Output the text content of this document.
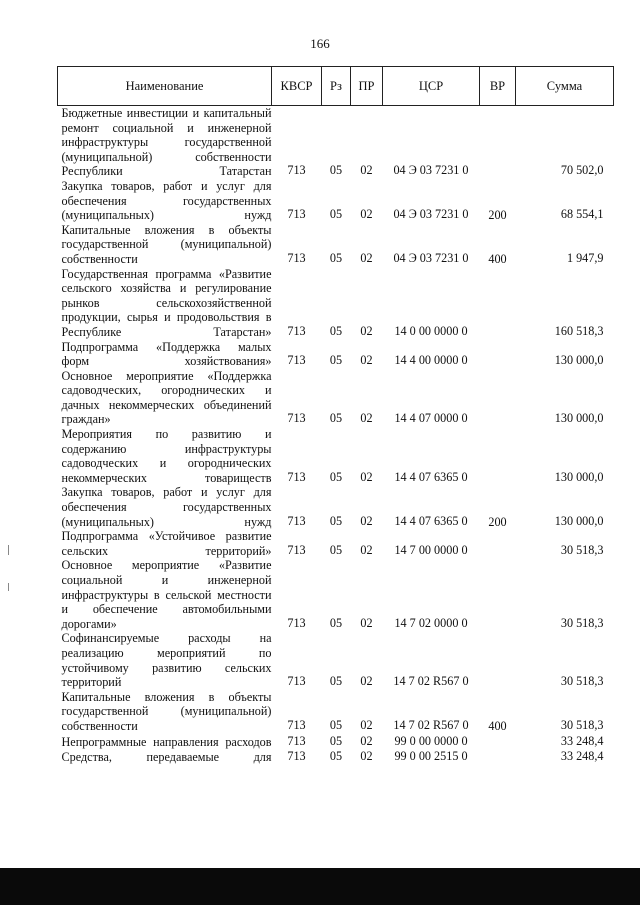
166
Наименование	КВСР	Рз	ПР	ЦСР	ВР	Сумма
Бюджетные инвестиции и капитальный ремонт социальной и инженерной инфраструктуры государственной (муниципальной) собственности Республики Татарстан	713	05	02	04 Э 03 7231 0		70 502,0
Закупка товаров, работ и услуг для обеспечения государственных (муниципальных) нужд	713	05	02	04 Э 03 7231 0	200	68 554,1
Капитальные вложения в объекты государственной (муниципальной) собственности	713	05	02	04 Э 03 7231 0	400	1 947,9
Государственная программа «Развитие сельского хозяйства и регулирование рынков сельскохозяйственной продукции, сырья и продовольствия в Республике Татарстан»	713	05	02	14 0 00 0000 0		160 518,3
Подпрограмма «Поддержка малых форм хозяйствования»	713	05	02	14 4 00 0000 0		130 000,0
Основное мероприятие «Поддержка садоводческих, огороднических и дачных некоммерческих объединений граждан»	713	05	02	14 4 07 0000 0		130 000,0
Мероприятия по развитию и содержанию инфраструктуры садоводческих и огороднических некоммерческих товариществ	713	05	02	14 4 07 6365 0		130 000,0
Закупка товаров, работ и услуг для обеспечения государственных (муниципальных) нужд	713	05	02	14 4 07 6365 0	200	130 000,0
Подпрограмма «Устойчивое развитие сельских территорий»	713	05	02	14 7 00 0000 0		30 518,3
Основное мероприятие «Развитие социальной и инженерной инфраструктуры в сельской местности и обеспечение автомобильными дорогами»	713	05	02	14 7 02 0000 0		30 518,3
Софинансируемые расходы на реализацию мероприятий по устойчивому развитию сельских территорий	713	05	02	14 7 02 R567 0		30 518,3
Капитальные вложения в объекты государственной (муниципальной) собственности	713	05	02	14 7 02 R567 0	400	30 518,3
Непрограммные направления расходов	713	05	02	99 0 00 0000 0		33 248,4
Средства, передаваемые для	713	05	02	99 0 00 2515 0		33 248,4
